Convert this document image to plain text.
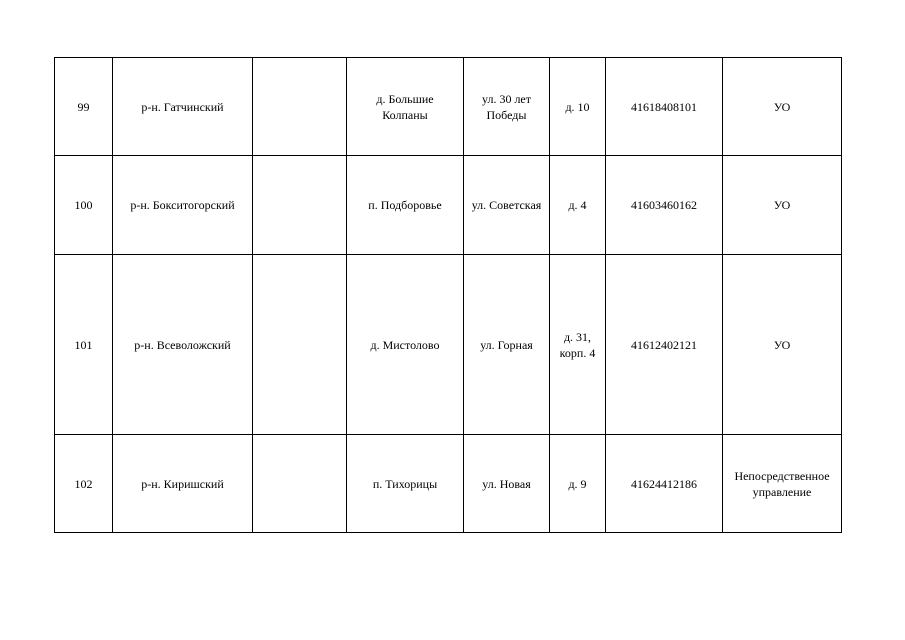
99	р-н. Гатчинский		д. Большие
Колпаны	ул. 30 лет
Победы	д. 10	41618408101	УО
100	р-н. Бокситогорский		п. Подборовье	ул. Советская	д. 4	41603460162	УО
101	р-н. Всеволожский		д. Мистолово	ул. Горная	д. 31,
корп. 4	41612402121	УО
102	р-н. Киришский		п. Тихорицы	ул. Новая	д. 9	41624412186	Непосредственное
управление
